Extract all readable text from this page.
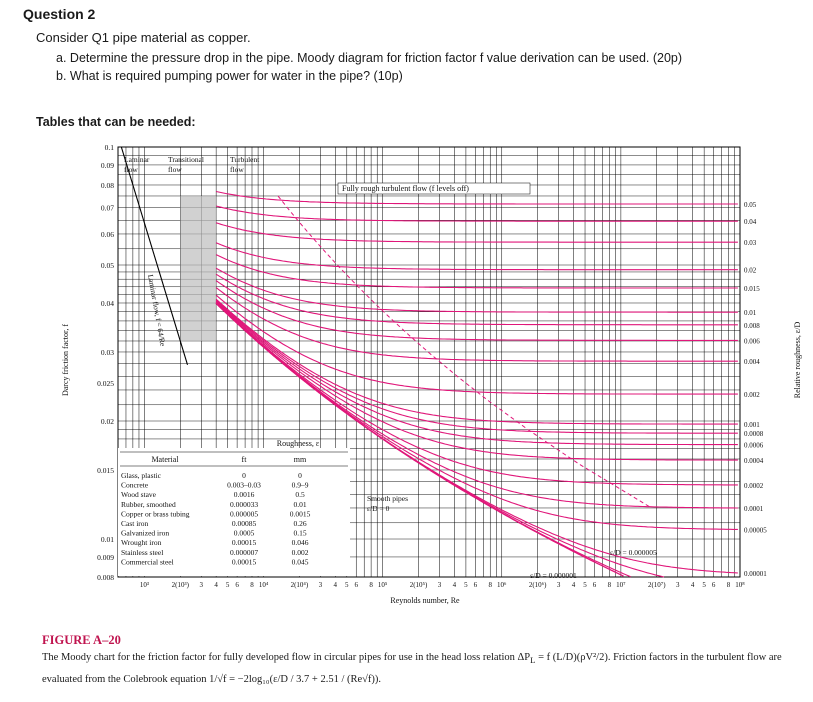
Question 2
Consider Q1 pipe material as copper.
a. Determine the pressure drop in the pipe. Moody diagram for friction factor f value derivation can be used. (20p)
b. What is required pumping power for water in the pipe? (10p)
Tables that can be needed:
0.1
0.09
0.08
0.07
0.06
0.05
0.04
0.03
0.025
0.02
0.015
0.01
0.009
0.008
10³	2(10³) 3 4 5 6 8 10⁴	2(10⁴) 3 4 5 6 8 10⁵	2(10⁵) 3 4 5 6 8 10⁶	2(10⁶) 3 4 5 6 8 10⁷	2(10⁷) 3 4 5 6 8 10⁸
0.05
0.04
0.03
0.02
0.015
0.01
0.008
0.006
0.004
0.002
0.001
0.0008
0.0006
0.0004
0.0002
0.0001
0.00005
0.00001
Reynolds number, Re
Darcy friction factor, f	Relative roughness, ε/D
Laminar
flow
Transitional
flow
Turbulent
flow
Fully rough turbulent flow (f levels off)
Laminar flow, f = 64/Re
Smooth pipes
ε/D = 0
ε/D = 0.000005
ε/D = 0.000001
Roughness, ε
Material	ft	mm
Glass, plastic	0	0
Concrete	0.003–0.03	0.9–9
Wood stave	0.0016	0.5
Rubber, smoothed	0.000033	0.01
Copper or brass tubing	0.000005	0.0015
Cast iron	0.00085	0.26
Galvanized iron	0.0005	0.15
Wrought iron	0.00015	0.046
Stainless steel	0.000007	0.002
Commercial steel	0.00015	0.045
FIGURE A–20
The Moody chart for the friction factor for fully developed flow in circular pipes for use in the head loss relation $\Delta P_L = f$ (L/D)(ρV²/2). Friction factors in the turbulent flow are
evaluated from the Colebrook equation 1/√f = −2log₁₀(ε/D / 3.7 + 2.51 / (Re√f)).
